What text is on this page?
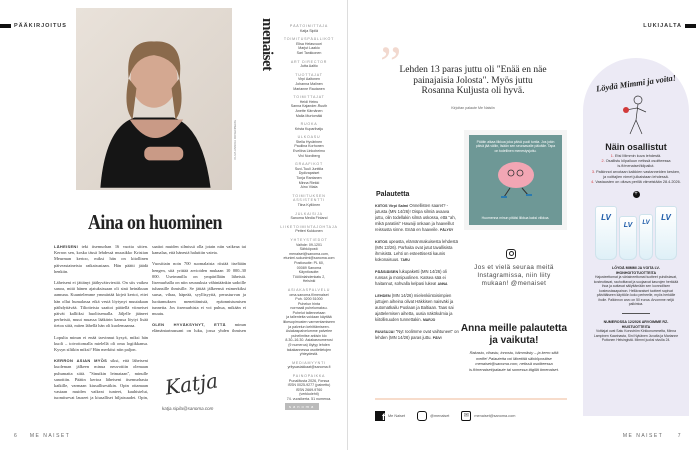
PÄÄKIRJOITUS
KUVA ANNIKA ROSENBERG
Aina on huominen

LÄHEISENI teki itsemurhan 16 vuotta sitten. Kerron sen, koska tässä lehdessä muusikko Kristian Meurman kertoo, miksi hän on kitollinen päiveastaineista ratkaisustaan. Hän päätti jäädä henkiin.

Läheiseni ei jättänyt jäähyväisviestiä. On siis vaikea sanoa, mitä hänen ajatuksissaan oli sinä heinäkuun aamuna. Kuuntelemme ymmärtää kirjeä kertoi, ettei hän ollut humalassa eikä vestä löytynyt muutakaan päihdyttävää. Tiliotteista saattoi päätellä viimeiset päivät kalliiksi huolitsemalla. Jäljelle jääneet perheistä, muut muassa lääkärin kanssa löytyi lisää tietoa siitä, miten lähellä hän oli kuolemaansa.

Lopulta minun ei enää tarvinnut kysyä, miksi hän kuoli – toivottomalla mielellä oli oma logiikkansa. Kysyn siltikin miksi? Hän merkitsi niin paljon.

KERRON ASIAN MYÖS siksi, että läheiseni kuoleman jälkeen minua neuvottiin olemaan puhumatta siitä. "Sinutkin leimataan", minulle sanottiin. Päätin kertoa läheiseni itsemurhasta kaikille, varmaan kiusallisestikin. Opin ottamaan vastaan muiden vaikeat tunteet, kauhistelut, tuomitsevat lauseet ja kiusalliset hiljaisuudet. Opin,

saattoi muiden silmissä olla jotain niin vaikeaa tai kamalaa, että hänestä haluttiin vaieta.

Vuosittain noin 700 suomalaista riistää itseltään hengen, sitä yrittää arvioiden mukaan 10 000–30 000. Useimmilla on ympärillään läheisiä. Itsemurhalla on niin seurauksia vähintäänkin sadoille tuhansille ihmisille. Se jättää jälkeensä esimerkiksi surua, vihaa, häpeää, syyllisyyttä, perusturvan ja luottamuksen menettämistä, epäonnistumisen tunnetta. Jos itsemurhista ei voi puhua, mikään ei muutu.

OLEN HYVÄKSYNYT, ETTÄ minun elämäntarinassani on luku, jossa yhden ihmisen

Katja
katja.sipila@sanoma.com
6 ME NAISET
menaiset	PÄÄTOIMITTAJA
Katja Sipilä
TOIMITUSPÄÄLLIKÖT
Elisa Helasvuori
Marjut Laakio
Sari Tankkonen
ART DIRECTOR
Jutta Aaltio
TUOTTAJAT
Virpi Aaltonen
Johanna Malinen
Marianne Rautanen
TOIMITTAJAT
Heidi Heinu
Sanna Kajander-Ruuth
Anette Kärnänen
Malla Murtomäki
RUOKA
Krista Kuparihatju
ULKOASU
Stella Hyvärinen
Pauliina Korhonen
Eveliina Linkoheimo
Vivi Nordberg
GRAAFIKOT
Suvi-Tuuli Junttila
Dydivapaiset
Tonja Rantanen
Minna Riekki
Aino Viiala
TOIMITUKSEN ASSISTENTTI
Tiina Kyllönen
JULKAISIJA
Sanoma Media Finland
LIIKETOIMINTAJOHTAJA
Petteri Kukkonen
YHTEYSTIEDOT
Vaihde: 09-1201
Sähköposti:
menaiset@sanoma.com,
etunimi.sukunimi@sanoma.com
Postiosoite: PL 60,
00089 Sanoma
Käyntiosoite:
Töölönlahdenkatu 2,
Helsinki
ASIAKASPALVELU
oma.sanoma.fi/menaiset
Puh. 0200 51000
Puhelun hinta
normaali puhelumaksu.
Puhelut tallennetaan
ja tallenteita voidaan käyttää
liikesopimusten varmentamiseen
ja palvelun kehittämiseen.
Asiakaspalvelumme palvelee
puhelimitse arkisin klo
8.30–16.30. Asiakasnumerosi
(9 numeroa) löytyy lehden
takakannessa osoitetietojen
yhteydestä.
MEDIAMYYNTI
yritysasiakkaat@sanoma.fi
PAINOPAIKKA
PunaMusta 2026, Forssa
ISSN 0025-9277 (painettu)
ISSN 2669-9760
(verkkolehti)
74. vuosikerta, 51 numeroa.
sanoma
LUKIJALTA
”
Lehden 13 paras juttu oli "Enää en näe painajaisia Jolosta". Myös juttu Rosanna Kuljusta oli hyvä.
Kirjoitan palaute Me Naisiin
Palautetta

KIITOS Virpi Salmi Onnellisten saaret? -jutusta (MN 14/26)! Oispa silmiä avaava juttu, olin todellakin silmä uskossa, että "ah, mikä paratiisi" Hawaiji onkaan ja haaveillut reissusta sinne. Enää en haaveile. PÄLYSY

KIITOS upeasta, elämänmakuisesta lehdestä (MN 13/26). Parhaita ovat jutut tavallisista ihmisistä. Lehti on esteettisesti kaunis kokonaisuus. TARU

PÄÄSIÄISEN lukupaketti (MN 14/26) oli runsas ja monipuolinen. Katsea sää ei haitannut, sohvalla kelpasi lukea! ANNA

LEHDEN (MN 14/26) mielenkiintoisimpien juttujen aiheina olivat Häkkisen naisväki ja automatkailu Puolaan ja Baltiaan. Taas sai ajattelemisen aihetta, uusia näkökulmia ja kiitollisuuden tunnettakin. MARJO

RUUSUJA! "Nyt roolimme ovat vaihtuneet" on lehden (MN 14/26) paras juttu. PÄIVI

Päätin aikaa liikkua joka päivä puoli tuntia. Jos jokin päivä jää väliin, lisään sen seuraavalle päivälle. Tapa on todellinen menestysjuttu.
Huomenna minun pitäisi liikkua kaksi viikkoa.
Jos et vielä seuraa meitä Instagramissa, niin liity mukaan! @menaiset
Anna meille palautetta ja vaikuta!
Rakastu, vihastu, innostu, hämmästy – ja kerro siitä meille! Palautetta voi lähettää sähköpostitse menaiset@sanoma.com, netissä osoitteessa is.fi/menaiset/palaute tai somessa tägillä #menaiset.
f Me Naiset	@menaiset	✉	menaiset@sanoma.com
Löydä Mimmi ja voita!
Näin osallistut
1. Etsi Mimmin kuva lehdestä.
2. Osallistu kilpailuun netissä osoitteessa is.fi/menaiset/kilpailut.
3. Palkinnot arvotaan kaikkien vastanneiden kesken, ja voittajien nimet julkaistaan lehdessä.
4. Vastausten on oltava perillä viimeistään 28.4.2026.
+
LV
LV	LV
LV
LÖYDÄ MIMMI JA VOITA LV-IHONHOITOTUOTTEITA
Hajusteettomat ja väriaineettomat tuotteet puhdistavat, kosteuttavat, rauhoittavat ja suojaavat kasvojen herkkää ihoa ja auttavat säilyttämään sen luonnollisen kosteustasapainon. Hellävaraiset tuotteet sopivat päivittäiseen käyttöön koko perheelle, myös herkälle iholle. Palkinnon arvo on 50 euroa. Arvomme neljä palkintoa.
NUMEROSSA 12/2026 ARVOIMME RZ-HIUSTUOTTEITA
Voittajat ovat Satu Korsström Kirkkonummelta, Minna Lampinen Kaarinasta, Sini Nykänen Juvalta ja Marianne Puttonen Helsingistä. Mimmi juoksi sivulla 24.
ME NAISET	7
